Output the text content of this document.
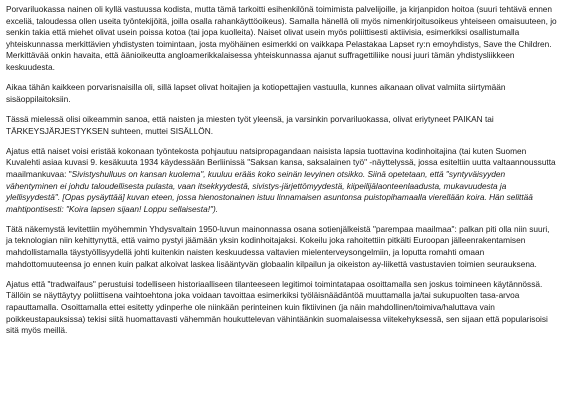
Porvariluokassa nainen oli kyllä vastuussa kodista, mutta tämä tarkoitti esihenkilönä toimimista palvelijoille, ja kirjanpidon hoitoa (suuri tehtävä ennen exceliä, taloudessa ollen useita työntekijöitä, joilla osalla rahankäyttöoikeus). Samalla hänellä oli myös nimenkirjoitusoikeus yhteiseen omaisuuteen, jo senkin takia että miehet olivat usein poissa kotoa (tai jopa kuolleita). Naiset olivat usein myös poliittisesti aktiivisia, esimerkiksi osallistumalla yhteiskunnassa merkittävien yhdistysten toimintaan, josta myöhäinen esimerkki on vaikkapa Pelastakaa Lapset ry:n emoyhdistys, Save the Children. Merkittävää onkin havaita, että äänioikeutta angloamerikkalaisessa yhteiskunnassa ajanut suffragettiliike nousi juuri tämän yhdistysliikkeen keskuudesta.

Aikaa tähän kaikkeen porvarisnaisilla oli, sillä lapset olivat hoitajien ja kotiopettajien vastuulla, kunnes aikanaan olivat valmiita siirtymään sisäoppilaitoksiin.

Tässä mielessä olisi oikeammin sanoa, että naisten ja miesten työt yleensä, ja varsinkin porvariluokassa, olivat eriytyneet PAIKAN tai TÄRKEYSJÄRJESTYKSEN suhteen, muttei SISÄLLÖN.

Ajatus että naiset voisi eristää kokonaan työntekosta pohjautuu natsipropagandaan naisista lapsia tuottavina kodinhoitajina (tai kuten Suomen Kuvalehti asiaa kuvasi 9. kesäkuuta 1934 käydessään Berliinissä "Saksan kansa, saksalainen työ" -näyttelyssä, jossa esiteltiin uutta valtaannoussutta maailmankuvaa: "Sivistyshulluus on kansan kuolema", kuuluu erääs koko seinän levyinen otsikko. Siinä opetetaan, että "syntyväisyyden vähentyminen ei johdu taloudellisesta pulasta, vaan itsekkyydestä, sivistys-järjettömyydestä, kiipeilijälaonteenlaadusta, mukavuudesta ja ylellisyydestä". [Opas pysäyttää] kuvan eteen, jossa hienostonainen istuu linnamaisen asuntonsa puistopihamaalla vierellään koira. Hän selittää mahtipontisesti: "Koira lapsen sijaan! Loppu sellaisesta!").

Tätä näkemystä levitettiin myöhemmin Yhdysvaltain 1950-luvun mainonnassa osana sotienjälkeistä "parempaa maailmaa": palkan piti olla niin suuri, ja teknologian niin kehittynyttä, että vaimo pystyi jäämään yksin kodinhoitajaksi. Kokeilu joka rahoitettiin pitkälti Euroopan jälleenrakentamisen mahdollistamalla täystyöllisyydellä johti kuitenkin naisten keskuudessa valtavien mielenterveysongelmiin, ja loputta romahti omaan mahdottomuuteensa jo ennen kuin palkat alkoivat laskea lisääntyvän globaalin kilpailun ja oikeiston ay-liikettä vastustavien toimien seurauksena.

Ajatus että "tradwaifaus" perustuisi todelliseen historiaalliseen tilanteeseen legitimoi toimintatapaa osoittamalla sen joskus toimineen käytännössä. Tällöin se näyttäytyy poliittisena vaihtoehtona joka voidaan tavoittaa esimerkiksi työläisnäädäntöä muuttamalla ja/tai sukupuolten tasa-arvoa rapauttamalla. Osoittamalla ettei esitetty ydinperhe ole niinkään perinteinen kuin fiktiivinen (ja näin mahdollinen/toimiva/haluttava vain poikkeustapauksissa) tekisi siitä huomattavasti vähemmän houkuttelevan vähintäänkin suomalaisessa viitekehyksessä, sen sijaan että popularisoisi sitä myös meillä.
